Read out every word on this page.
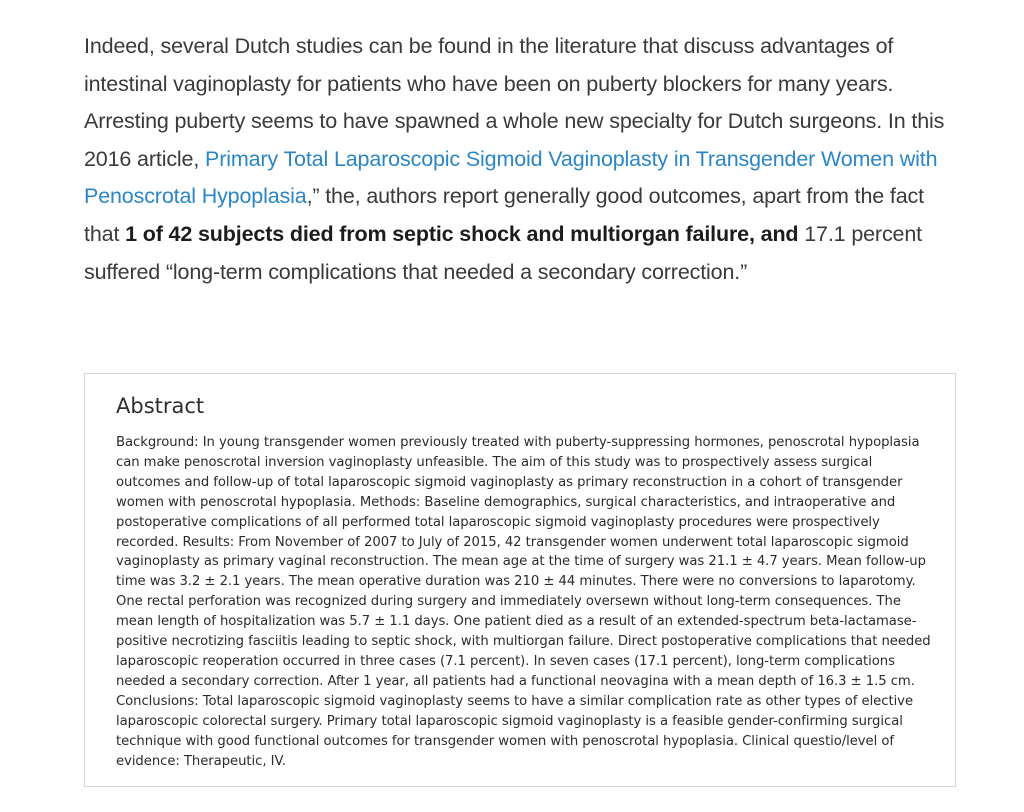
Indeed, several Dutch studies can be found in the literature that discuss advantages of intestinal vaginoplasty for patients who have been on puberty blockers for many years. Arresting puberty seems to have spawned a whole new specialty for Dutch surgeons. In this 2016 article, Primary Total Laparoscopic Sigmoid Vaginoplasty in Transgender Women with Penoscrotal Hypoplasia,” the, authors report generally good outcomes, apart from the fact that 1 of 42 subjects died from septic shock and multiorgan failure, and 17.1 percent suffered “long-term complications that needed a secondary correction.”

Abstract

Background: In young transgender women previously treated with puberty-suppressing hormones, penoscrotal hypoplasia can make penoscrotal inversion vaginoplasty unfeasible. The aim of this study was to prospectively assess surgical outcomes and follow-up of total laparoscopic sigmoid vaginoplasty as primary reconstruction in a cohort of transgender women with penoscrotal hypoplasia. Methods: Baseline demographics, surgical characteristics, and intraoperative and postoperative complications of all performed total laparoscopic sigmoid vaginoplasty procedures were prospectively recorded. Results: From November of 2007 to July of 2015, 42 transgender women underwent total laparoscopic sigmoid vaginoplasty as primary vaginal reconstruction. The mean age at the time of surgery was 21.1 ± 4.7 years. Mean follow-up time was 3.2 ± 2.1 years. The mean operative duration was 210 ± 44 minutes. There were no conversions to laparotomy. One rectal perforation was recognized during surgery and immediately oversewn without long-term consequences. The mean length of hospitalization was 5.7 ± 1.1 days. One patient died as a result of an extended-spectrum beta-lactamase-positive necrotizing fasciitis leading to septic shock, with multiorgan failure. Direct postoperative complications that needed laparoscopic reoperation occurred in three cases (7.1 percent). In seven cases (17.1 percent), long-term complications needed a secondary correction. After 1 year, all patients had a functional neovagina with a mean depth of 16.3 ± 1.5 cm. Conclusions: Total laparoscopic sigmoid vaginoplasty seems to have a similar complication rate as other types of elective laparoscopic colorectal surgery. Primary total laparoscopic sigmoid vaginoplasty is a feasible gender-confirming surgical technique with good functional outcomes for transgender women with penoscrotal hypoplasia. Clinical questio/level of evidence: Therapeutic, IV.
